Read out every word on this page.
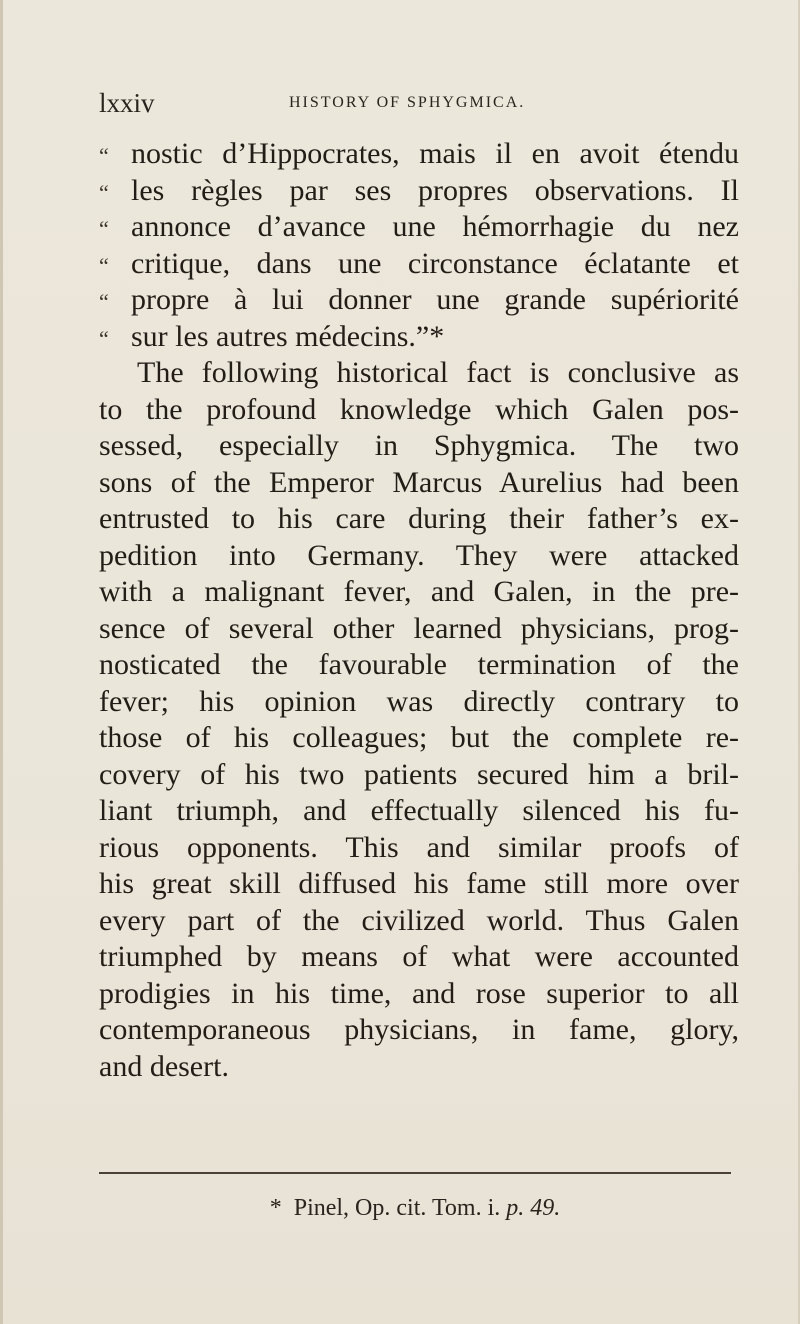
lxxiv	HISTORY OF SPHYGMICA.
“ nostic d’Hippocrates, mais il en avoit étendu
“ les règles par ses propres observations. Il
“ annonce d’avance une hémorrhagie du nez
“ critique, dans une circonstance éclatante et
“ propre à lui donner une grande supériorité
“ sur les autres médecins.”*
The following historical fact is conclusive as
to the profound knowledge which Galen pos-
sessed, especially in Sphygmica. The two
sons of the Emperor Marcus Aurelius had been
entrusted to his care during their father’s ex-
pedition into Germany. They were attacked
with a malignant fever, and Galen, in the pre-
sence of several other learned physicians, prog-
nosticated the favourable termination of the
fever; his opinion was directly contrary to
those of his colleagues; but the complete re-
covery of his two patients secured him a bril-
liant triumph, and effectually silenced his fu-
rious opponents. This and similar proofs of
his great skill diffused his fame still more over
every part of the civilized world. Thus Galen
triumphed by means of what were accounted
prodigies in his time, and rose superior to all
contemporaneous physicians, in fame, glory,
and desert.

* Pinel, Op. cit. Tom. i. p. 49.
